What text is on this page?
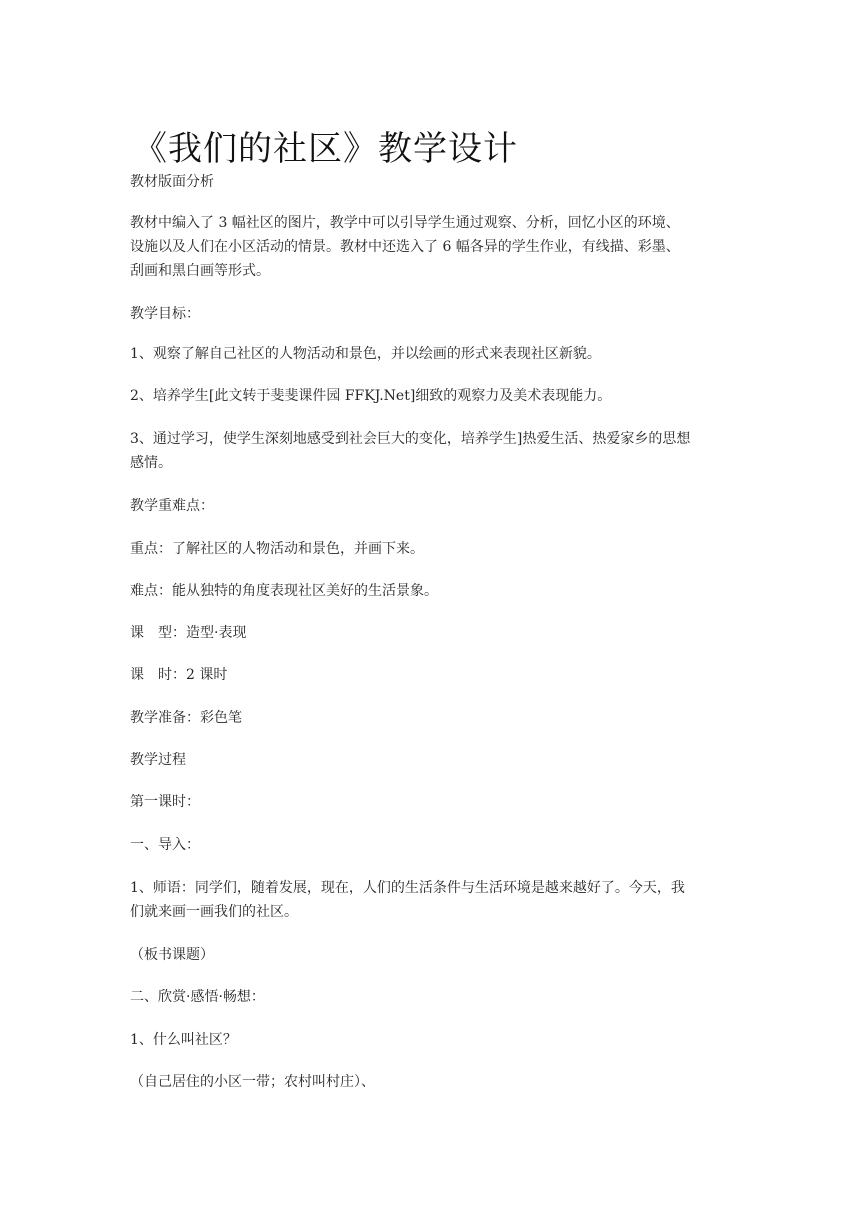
《我们的社区》教学设计

教材版面分析

教材中编入了 3 幅社区的图片，教学中可以引导学生通过观察、分析，回忆小区的环境、
设施以及人们在小区活动的情景。教材中还选入了 6 幅各异的学生作业，有线描、彩墨、
刮画和黑白画等形式。

教学目标：

1、观察了解自己社区的人物活动和景色，并以绘画的形式来表现社区新貌。

2、培养学生[此文转于斐斐课件园 FFKJ.Net]细致的观察力及美术表现能力。

3、通过学习，使学生深刻地感受到社会巨大的变化，培养学生]热爱生活、热爱家乡的思想
感情。

教学重难点：

重点：了解社区的人物活动和景色，并画下来。

难点：能从独特的角度表现社区美好的生活景象。

课　型：造型·表现

课　时：2 课时

教学准备：彩色笔

教学过程

第一课时：

一、导入：

1、师语：同学们，随着发展，现在，人们的生活条件与生活环境是越来越好了。今天，我
们就来画一画我们的社区。

（板书课题）

二、欣赏·感悟·畅想：

1、什么叫社区？

（自己居住的小区一带；农村叫村庄）、
